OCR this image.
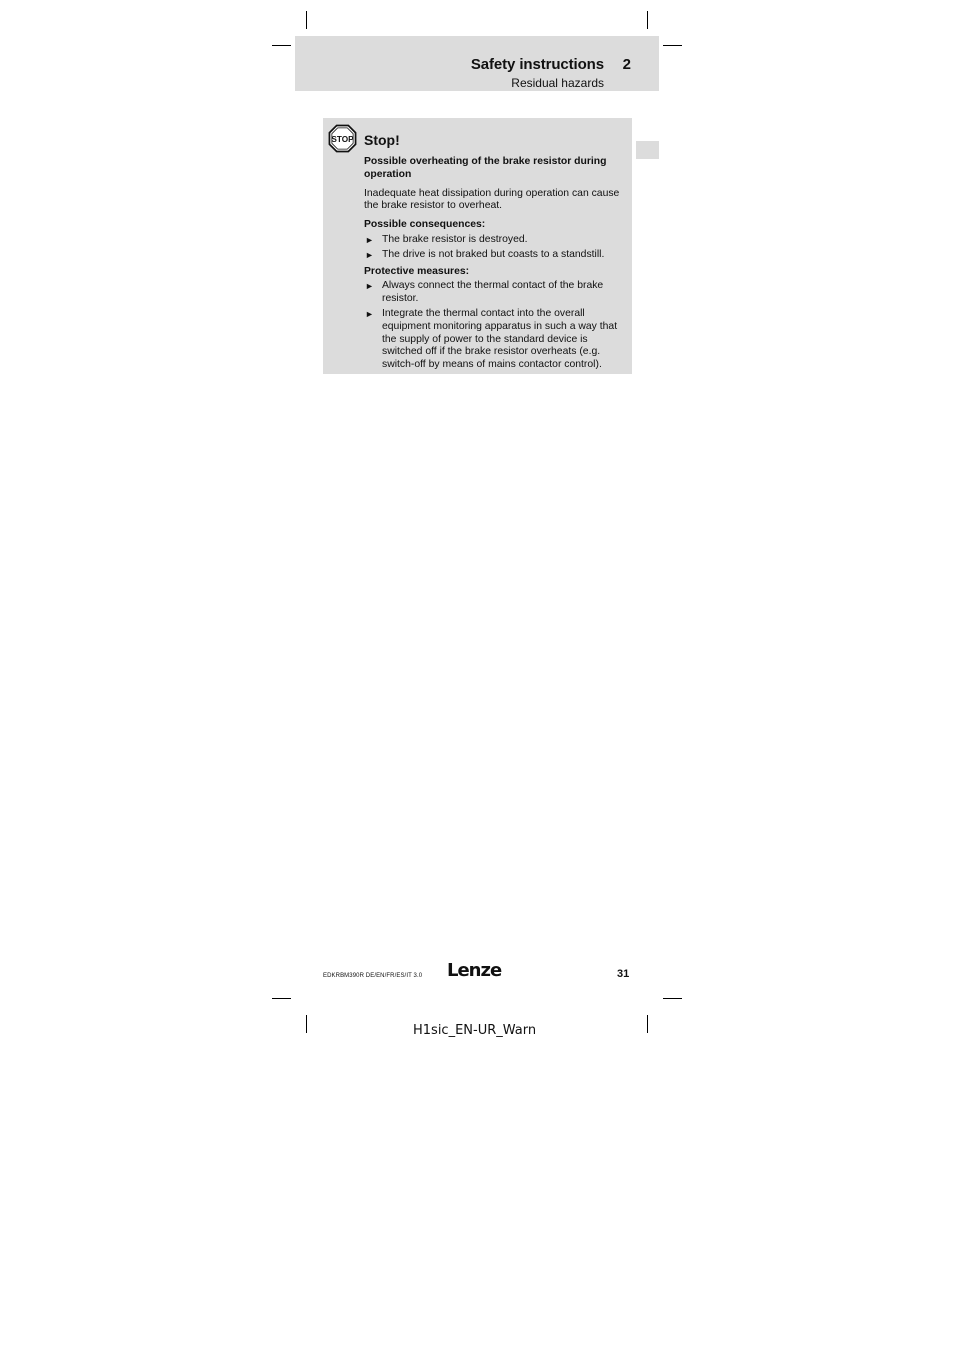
Safety instructions 2
Residual hazards
STOP Stop!
Possible overheating of the brake resistor during operation
Inadequate heat dissipation during operation can cause the brake resistor to overheat.
Possible consequences:
► The brake resistor is destroyed.
► The drive is not braked but coasts to a standstill.
Protective measures:
► Always connect the thermal contact of the brake resistor.
► Integrate the thermal contact into the overall equipment monitoring apparatus in such a way that the supply of power to the standard device is switched off if the brake resistor overheats (e.g. switch-off by means of mains contactor control).
EDKRBM390R DE/EN/FR/ES/IT 3.0 Lenze	31
H1sic_EN-UR_Warn
